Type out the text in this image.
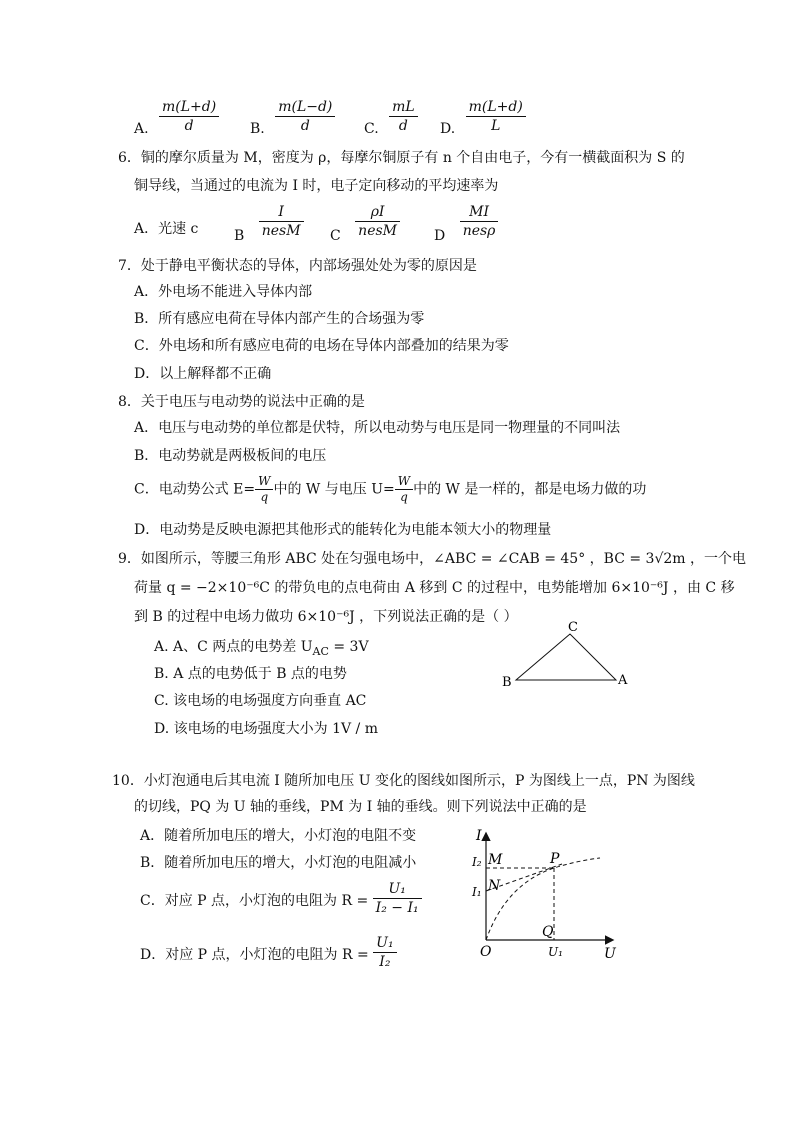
A. $\frac{m(L+d)}{d} B$. $\frac{m(L-d)}{d} C$. $\frac{mL}{d} D$. $\frac{m(L+d)}{L}$
6．铜的摩尔质量为 M，密度为 ρ，每摩尔铜原子有 n 个自由电子，今有一横截面积为 S 的
铜导线，当通过的电流为 I 时，电子定向移动的平均速率为
A．光速 c	B $\frac{I}{\text{nesM}}$ C $\frac{\rho I}{\text{nesM}}$ D $\frac{MI}{\text{nesρ}}$
7．处于静电平衡状态的导体，内部场强处处为零的原因是
A．外电场不能进入导体内部
B．所有感应电荷在导体内部产生的合场强为零
C．外电场和所有感应电荷的电场在导体内部叠加的结果为零
D．以上解释都不正确
8．关于电压与电动势的说法中正确的是
A．电压与电动势的单位都是伏特，所以电动势与电压是同一物理量的不同叫法
B．电动势就是两极板间的电压
C．电动势公式 $E= \frac{W}{q}$ 中的 W 与电压 $U= \frac{W}{q}$ 中的 W 是一样的，都是电场力做的功
D．电动势是反映电源把其他形式的能转化为电能本领大小的物理量
9．如图所示，等腰三角形 ABC 处在匀强电场中，∠ABC = ∠CAB = 45° ，BC = 3√2m ，一个电
荷量 q = −2×10⁻⁶C 的带负电的点电荷由 A 移到 C 的过程中，电势能增加 6×10⁻⁶J ，由 C 移
到 B 的过程中电场力做功 6×10⁻⁶J ，下列说法正确的是（ ）
A. A、C 两点的电势差 $U_{AC} = 3V$
B. A 点的电势低于 B 点的电势
C. 该电场的电场强度方向垂直 AC
D. 该电场的电场强度大小为 1V / m
B	A
C
10．小灯泡通电后其电流 I 随所加电压 U 变化的图线如图所示，P 为图线上一点，PN 为图线
的切线，PQ 为 U 轴的垂线，PM 为 I 轴的垂线。则下列说法中正确的是
A．随着所加电压的增大，小灯泡的电阻不变
B．随着所加电压的增大，小灯泡的电阻减小
C．对应 P 点，小灯泡的电阻为 $R = \frac{\text{U₁}}{\text{I₂ − I₁}}$
D．对应 P 点，小灯泡的电阻为 $R = \frac{\text{U₁}}{\text{I₂}}$
I
U
O
Q
P
M
N
I₂
I₁
U₁
